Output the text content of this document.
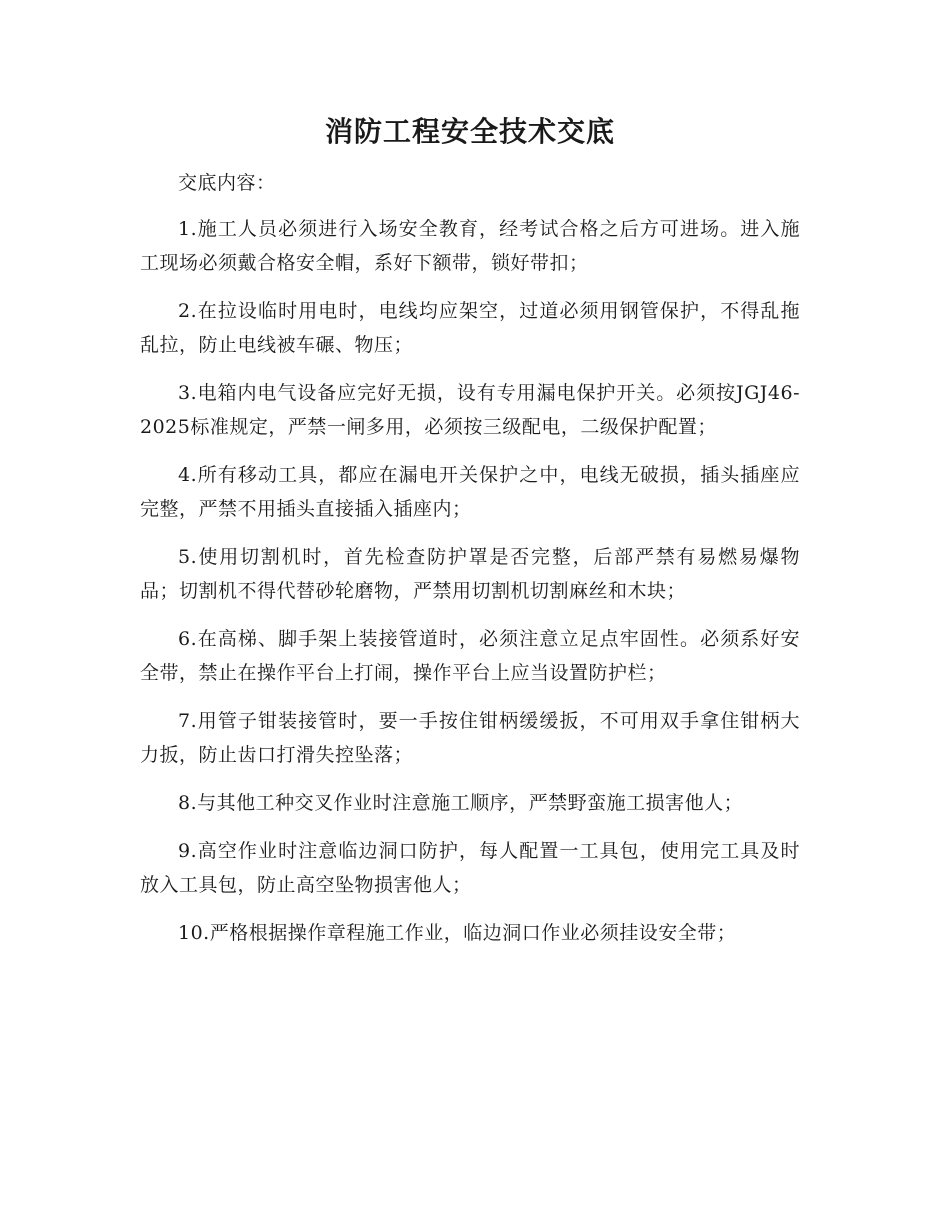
消防工程安全技术交底

交底内容：

1.施工人员必须进行入场安全教育，经考试合格之后方可进场。进入施工现场必须戴合格安全帽，系好下额带，锁好带扣；

2.在拉设临时用电时，电线均应架空，过道必须用钢管保护，不得乱拖乱拉，防止电线被车碾、物压；

3.电箱内电气设备应完好无损，设有专用漏电保护开关。必须按JGJ46-2025标准规定，严禁一闸多用，必须按三级配电，二级保护配置；

4.所有移动工具，都应在漏电开关保护之中，电线无破损，插头插座应完整，严禁不用插头直接插入插座内；

5.使用切割机时，首先检查防护罩是否完整，后部严禁有易燃易爆物品；切割机不得代替砂轮磨物，严禁用切割机切割麻丝和木块；

6.在高梯、脚手架上装接管道时，必须注意立足点牢固性。必须系好安全带，禁止在操作平台上打闹，操作平台上应当设置防护栏；

7.用管子钳装接管时，要一手按住钳柄缓缓扳，不可用双手拿住钳柄大力扳，防止齿口打滑失控坠落；

8.与其他工种交叉作业时注意施工顺序，严禁野蛮施工损害他人；

9.高空作业时注意临边洞口防护，每人配置一工具包，使用完工具及时放入工具包，防止高空坠物损害他人；

10.严格根据操作章程施工作业，临边洞口作业必须挂设安全带；
